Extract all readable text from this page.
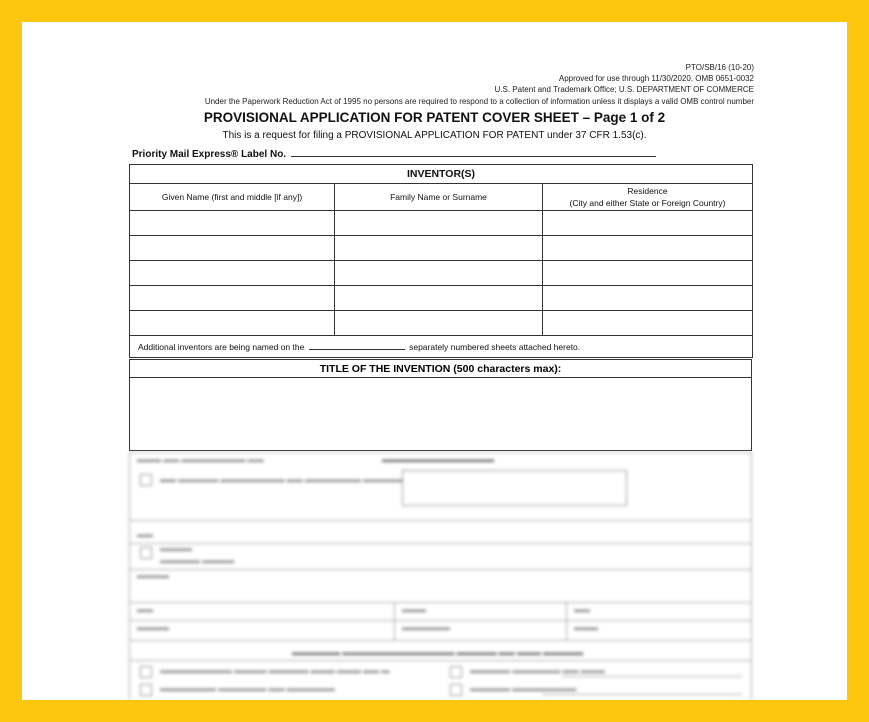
PTO/SB/16 (10-20)
Approved for use through 11/30/2020. OMB 0651-0032
U.S. Patent and Trademark Office; U.S. DEPARTMENT OF COMMERCE
Under the Paperwork Reduction Act of 1995 no persons are required to respond to a collection of information unless it displays a valid OMB control number
PROVISIONAL APPLICATION FOR PATENT COVER SHEET – Page 1 of 2
This is a request for filing a PROVISIONAL APPLICATION FOR PATENT under 37 CFR 1.53(c).
Priority Mail Express® Label No.
INVENTOR(S)		
Given Name (first and middle [if any])	Family Name or Surname	Residence
(City and either State or Foreign Country)

Additional inventors are being named on the separately numbered sheets attached hereto.		
TITLE OF THE INVENTION (500 characters max):

▬▬▬ ▬▬ ▬▬▬▬▬▬▬▬ ▬▬	▬▬▬▬▬▬▬▬▬▬▬▬▬▬
▬▬ ▬▬▬▬▬ ▬▬▬▬▬▬▬▬ ▬▬ ▬▬▬▬▬▬▬ ▬▬▬▬▬
▬▬
▬▬▬▬
▬▬▬▬▬ ▬▬▬▬
▬▬▬▬
▬▬	▬▬▬	▬▬
▬▬▬▬	▬▬▬▬▬▬	▬▬▬
▬▬▬▬▬▬ ▬▬▬▬▬▬▬▬▬▬▬▬▬▬ ▬▬▬▬▬ ▬▬ ▬▬▬ ▬▬▬▬▬
▬▬▬▬▬▬▬▬▬ ▬▬▬▬ ▬▬▬▬▬ ▬▬▬ ▬▬▬ ▬▬ ▬	▬▬▬▬▬ ▬▬▬▬▬▬ ▬▬ ▬▬▬
▬▬▬▬▬▬▬ ▬▬▬▬▬▬ ▬▬ ▬▬▬▬▬▬	▬▬▬▬▬ ▬▬▬▬▬▬▬▬
